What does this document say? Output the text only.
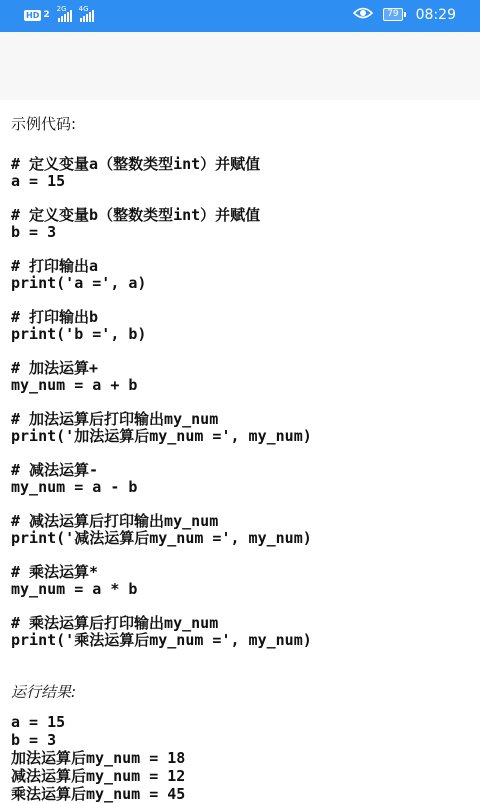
HD 2
2G 4G	79 08:29
示例代码:
# 定义变量a（整数类型int）并赋值
a = 15
# 定义变量b（整数类型int）并赋值
b = 3
# 打印输出a
print('a =', a)
# 打印输出b
print('b =', b)
# 加法运算+
my_num = a + b
# 加法运算后打印输出my_num
print('加法运算后my_num =', my_num)
# 减法运算-
my_num = a - b
# 减法运算后打印输出my_num
print('减法运算后my_num =', my_num)
# 乘法运算*
my_num = a * b
# 乘法运算后打印输出my_num
print('乘法运算后my_num =', my_num)
运行结果:
a = 15
b = 3
加法运算后my_num = 18
减法运算后my_num = 12
乘法运算后my_num = 45
